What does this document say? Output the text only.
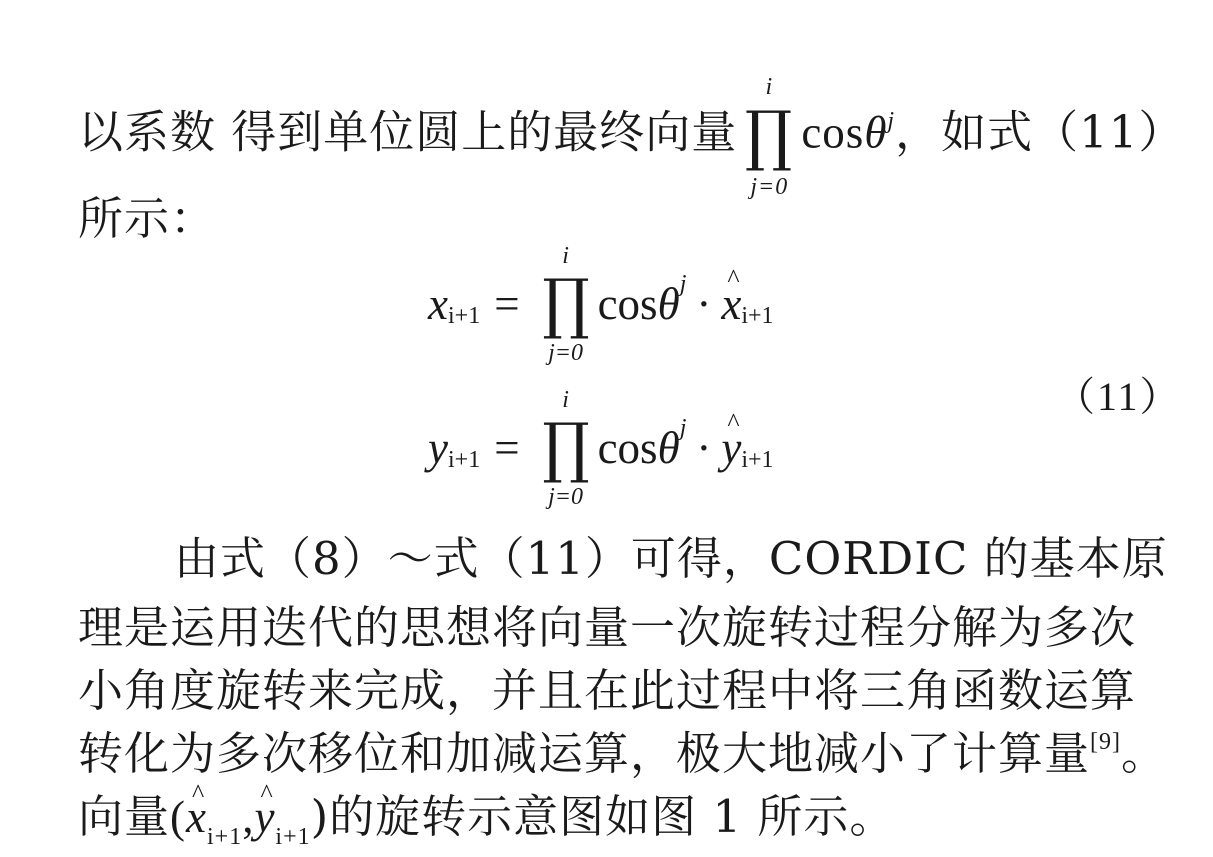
以系数 得到单位圆上的最终向量
i
∏
j=0
cosθ$^j$，如式（11）
所示：
x i+1 =
i
∏
j=0
cos θ j · ^ x i+1
y i+1 =
i
∏
j=0
cos θ j · ^ y i+1
（11）
由式（8）～式（11）可得，CORDIC 的基本原
理是运用迭代的思想将向量一次旋转过程分解为多次
小角度旋转来完成，并且在此过程中将三角函数运算
转化为多次移位和加减运算，极大地减小了计算量[9]。
向量(^ $x_{i+1},\^{}$ $y_{i+1}$)的旋转示意图如图 1 所示。
